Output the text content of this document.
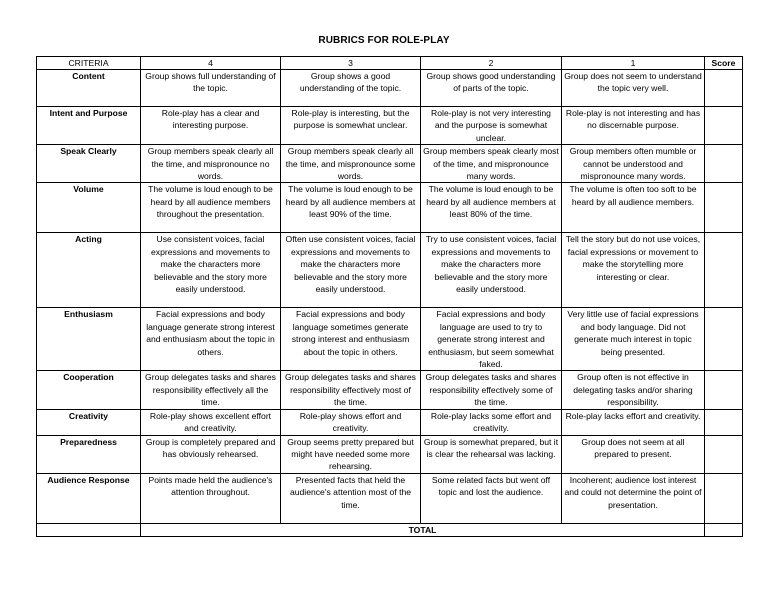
RUBRICS FOR ROLE-PLAY
CRITERIA	4	3	2	1	Score
Content	Group shows full understanding of the topic.	Group shows a good understanding of the topic.	Group shows good understanding of parts of the topic.	Group does not seem to understand the topic very well.	
Intent and Purpose	Role-play has a clear and interesting purpose.	Role-play is interesting, but the purpose is somewhat unclear.	Role-play is not very interesting and the purpose is somewhat unclear.	Role-play is not interesting and has no discernable purpose.	
Speak Clearly	Group members speak clearly all the time, and mispronounce no words.	Group members speak clearly all the time, and mispronounce some words.	Group members speak clearly most of the time, and mispronounce many words.	Group members often mumble or cannot be understood and mispronounce many words.	
Volume	The volume is loud enough to be heard by all audience members throughout the presentation.	The volume is loud enough to be heard by all audience members at least 90% of the time.	The volume is loud enough to be heard by all audience members at least 80% of the time.	The volume is often too soft to be heard by all audience members.	
Acting	Use consistent voices, facial expressions and movements to make the characters more believable and the story more easily understood.	Often use consistent voices, facial expressions and movements to make the characters more believable and the story more easily understood.	Try to use consistent voices, facial expressions and movements to make the characters more believable and the story more easily understood.	Tell the story but do not use voices, facial expressions or movement to make the storytelling more interesting or clear.	
Enthusiasm	Facial expressions and body language generate strong interest and enthusiasm about the topic in others.	Facial expressions and body language sometimes generate strong interest and enthusiasm about the topic in others.	Facial expressions and body language are used to try to generate strong interest and enthusiasm, but seem somewhat faked.	Very little use of facial expressions and body language. Did not generate much interest in topic being presented.	
Cooperation	Group delegates tasks and shares responsibility effectively all the time.	Group delegates tasks and shares responsibility effectively most of the time.	Group delegates tasks and shares responsibility effectively some of the time.	Group often is not effective in delegating tasks and/or sharing responsibility.	
Creativity	Role-play shows excellent effort and creativity.	Role-play shows effort and creativity.	Role-play lacks some effort and creativity.	Role-play lacks effort and creativity.	
Preparedness	Group is completely prepared and has obviously rehearsed.	Group seems pretty prepared but might have needed some more rehearsing.	Group is somewhat prepared, but it is clear the rehearsal was lacking.	Group does not seem at all prepared to present.	
Audience Response	Points made held the audience's attention throughout.	Presented facts that held the audience's attention most of the time.	Some related facts but went off topic and lost the audience.	Incoherent; audience lost interest and could not determine the point of presentation.	
	TOTAL				
